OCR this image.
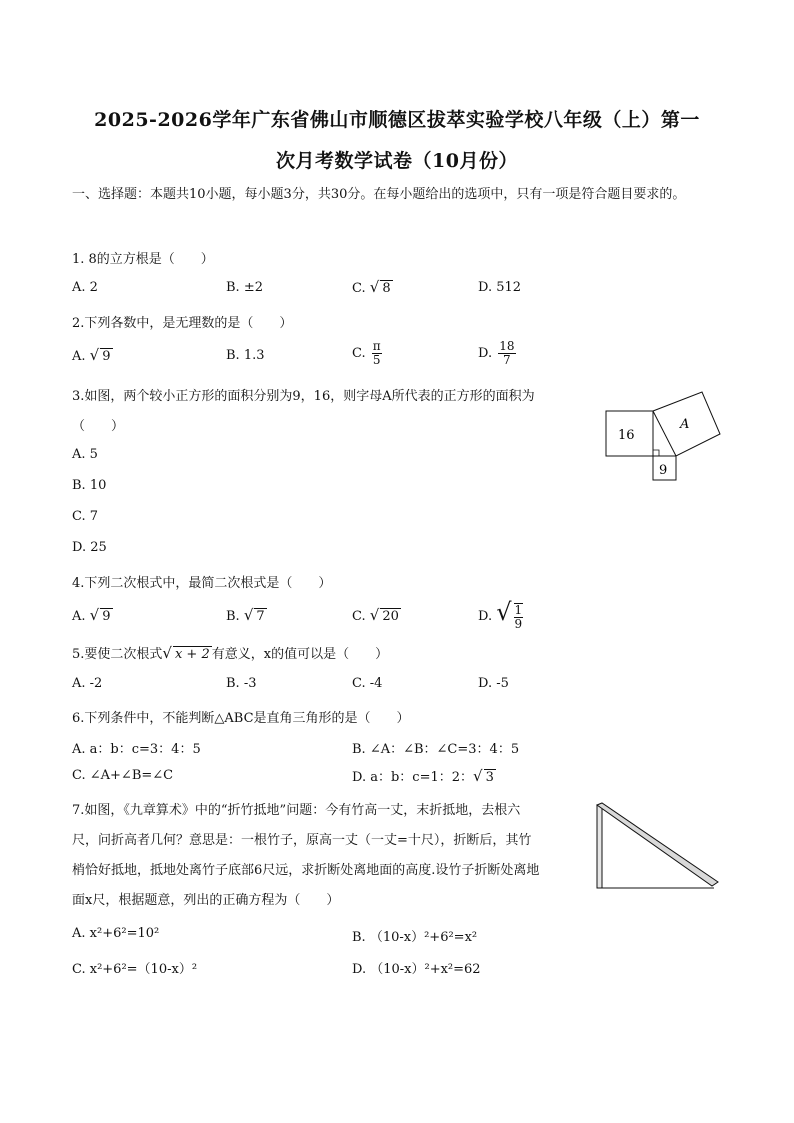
2025-2026学年广东省佛山市顺德区拔萃实验学校八年级（上）第一
次月考数学试卷（10月份）
一、选择题：本题共10小题，每小题3分，共30分。在每小题给出的选项中，只有一项是符合题目要求的。
1. 8的立方根是（　　）
A. 2	B. ±2	C. √ 8	D. 512
2.下列各数中，是无理数的是（　　）
A. √ 9	B. 1.3	C. $\frac{\pi}{5}$	D. $\frac{18}{7}$
3.如图，两个较小正方形的面积分别为9，16，则字母A所代表的正方形的面积为
（　　）
A. 5
B. 10
C. 7
D. 25
16
A
9
4.下列二次根式中，最简二次根式是（　　）
A. √ 9	B. √ 7	C. √ 20	D. √ $\frac{1}{9}$
5.要使二次根式√ x + 2 有意义，x的值可以是（　　）
A. -2	B. -3	C. -4	D. -5
6.下列条件中，不能判断△ABC是直角三角形的是（　　）
A. a：b：c=3：4：5	B. ∠A：∠B：∠C=3：4：5
C. ∠A+∠B=∠C	D. a：b：c=1：2：√ 3
7.如图，《九章算术》中的“折竹抵地”问题：今有竹高一丈，末折抵地，去根六
尺，问折高者几何？意思是：一根竹子，原高一丈（一丈=十尺），折断后，其竹
梢恰好抵地，抵地处离竹子底部6尺远，求折断处离地面的高度.设竹子折断处离地
面x尺，根据题意，列出的正确方程为（　　）
A. x²+6²=10²	B. （10-x）²+6²=x²
C. x²+6²=（10-x）²	D. （10-x）²+x²=62
